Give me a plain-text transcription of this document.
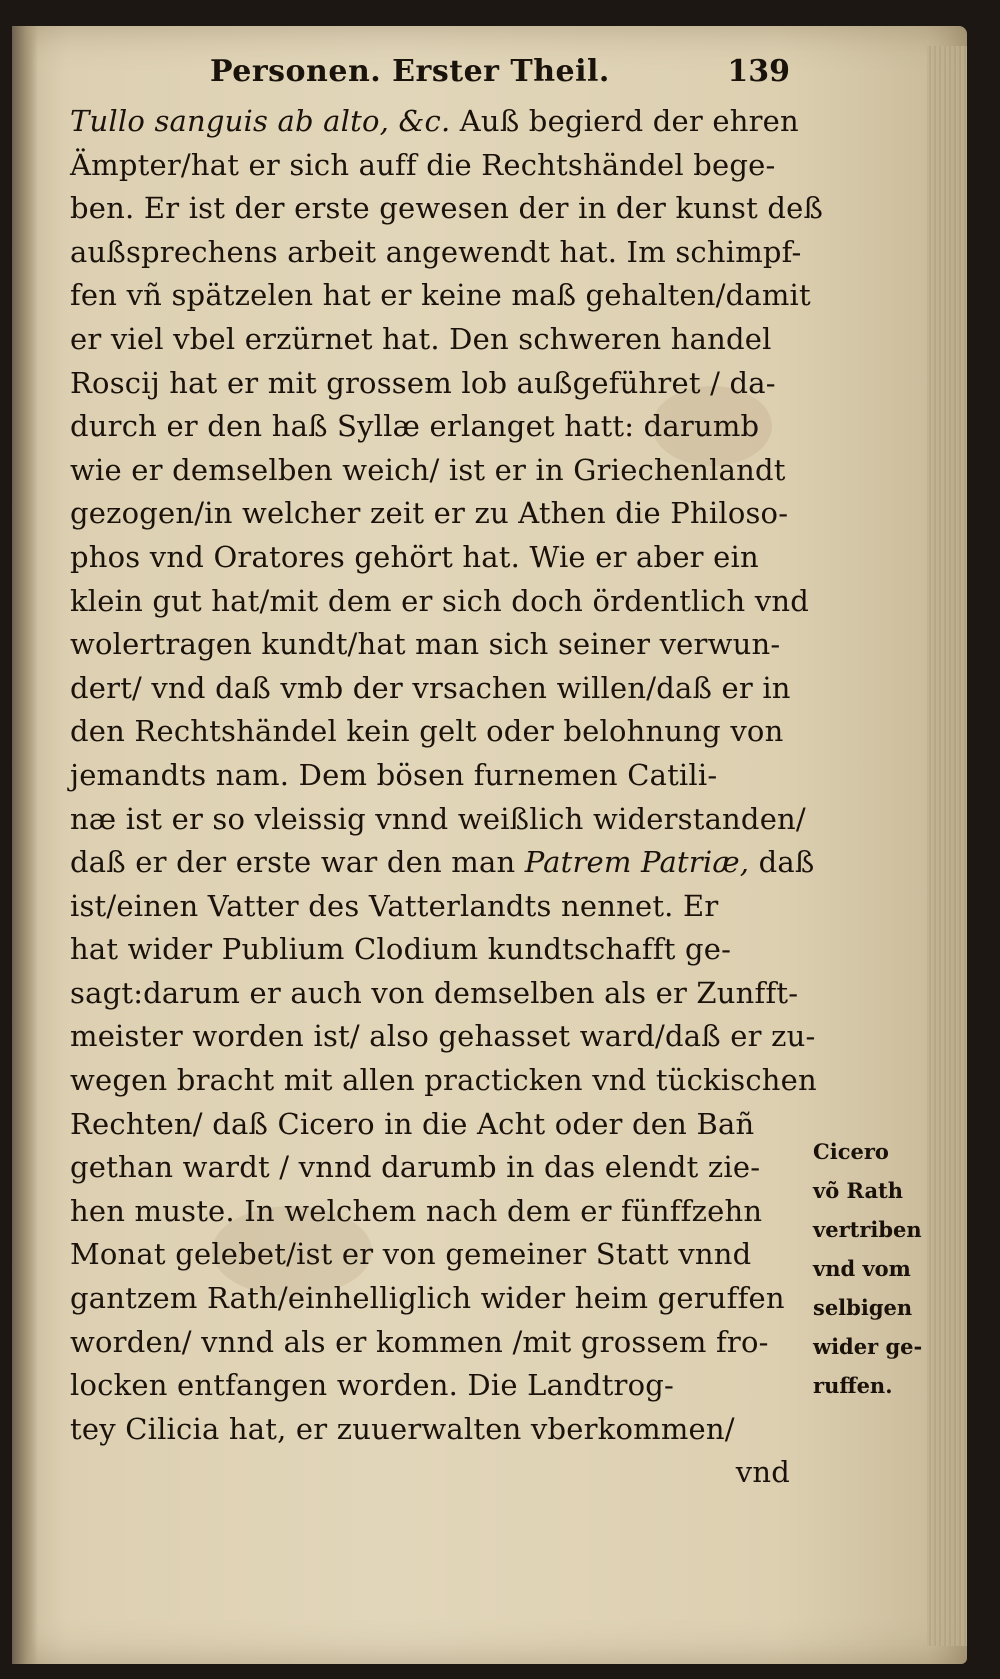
Personen. Erster Theil.	139
Tullo sanguis ab alto, &c. Auß begierd der ehren
Ämpter/hat er sich auff die Rechtshändel bege-
ben. Er ist der erste gewesen der in der kunst deß
außsprechens arbeit angewendt hat. Im schimpf-
fen vñ spätzelen hat er keine maß gehalten/damit
er viel vbel erzürnet hat. Den schweren handel
Roscij hat er mit grossem lob außgeführet / da-
durch er den haß Syllæ erlanget hatt: darumb
wie er demselben weich/ ist er in Griechenlandt
gezogen/in welcher zeit er zu Athen die Philoso-
phos vnd Oratores gehört hat. Wie er aber ein
klein gut hat/mit dem er sich doch ördentlich vnd
wolertragen kundt/hat man sich seiner verwun-
dert/ vnd daß vmb der vrsachen willen/daß er in
den Rechtshändel kein gelt oder belohnung von
jemandts nam. Dem bösen furnemen Catili-
næ ist er so vleissig vnnd weißlich widerstanden/
daß er der erste war den man Patrem Patriæ, daß
ist/einen Vatter des Vatterlandts nennet. Er
hat wider Publium Clodium kundtschafft ge-
sagt:darum er auch von demselben als er Zunfft-
meister worden ist/ also gehasset ward/daß er zu-
wegen bracht mit allen practicken vnd tückischen
Rechten/ daß Cicero in die Acht oder den Bañ
gethan wardt / vnnd darumb in das elendt zie-
hen muste. In welchem nach dem er fünffzehn
Monat gelebet/ist er von gemeiner Statt vnnd
gantzem Rath/einhelliglich wider heim geruffen
worden/ vnnd als er kommen /mit grossem fro-
locken entfangen worden. Die Landtrog-
tey Cilicia hat, er zuuerwalten vberkommen/
vnd
Cicero
võ Rath
vertriben
vnd vom
selbigen
wider ge-
ruffen.
